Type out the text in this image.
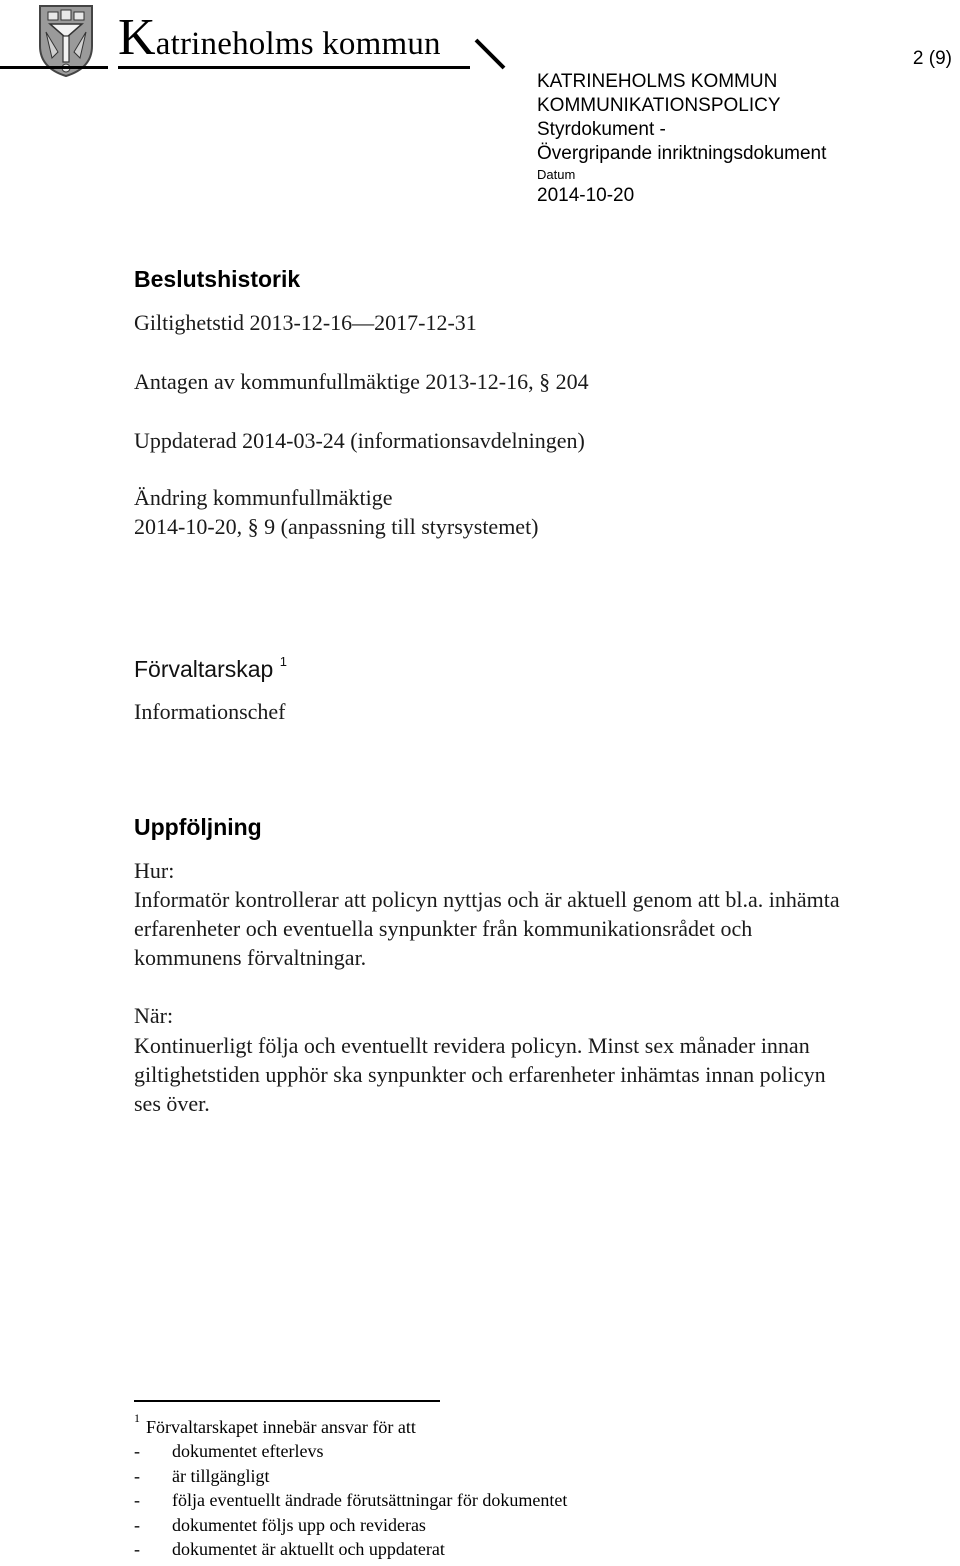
Katrineholms kommun	2 (9)
KATRINEHOLMS KOMMUN
KOMMUNIKATIONSPOLICY
Styrdokument -
Övergripande inriktningsdokument
Datum
2014-10-20
Beslutshistorik
Giltighetstid 2013-12-16—2017-12-31
Antagen av kommunfullmäktige 2013-12-16, § 204
Uppdaterad 2014-03-24 (informationsavdelningen)
Ändring kommunfullmäktige
2014-10-20, § 9 (anpassning till styrsystemet)
Förvaltarskap $^1$
Informationschef
Uppföljning
Hur:
Informatör kontrollerar att policyn nyttjas och är aktuell genom att bl.a. inhämta
erfarenheter och eventuella synpunkter från kommunikationsrådet och
kommunens förvaltningar.
När:
Kontinuerligt följa och eventuellt revidera policyn. Minst sex månader innan
giltighetstiden upphör ska synpunkter och erfarenheter inhämtas innan policyn
ses över.
$^1$ Förvaltarskapet innebär ansvar för att
-	dokumentet efterlevs
-	är tillgängligt
-	följa eventuellt ändrade förutsättningar för dokumentet
-	dokumentet följs upp och revideras
-	dokumentet är aktuellt och uppdaterat
